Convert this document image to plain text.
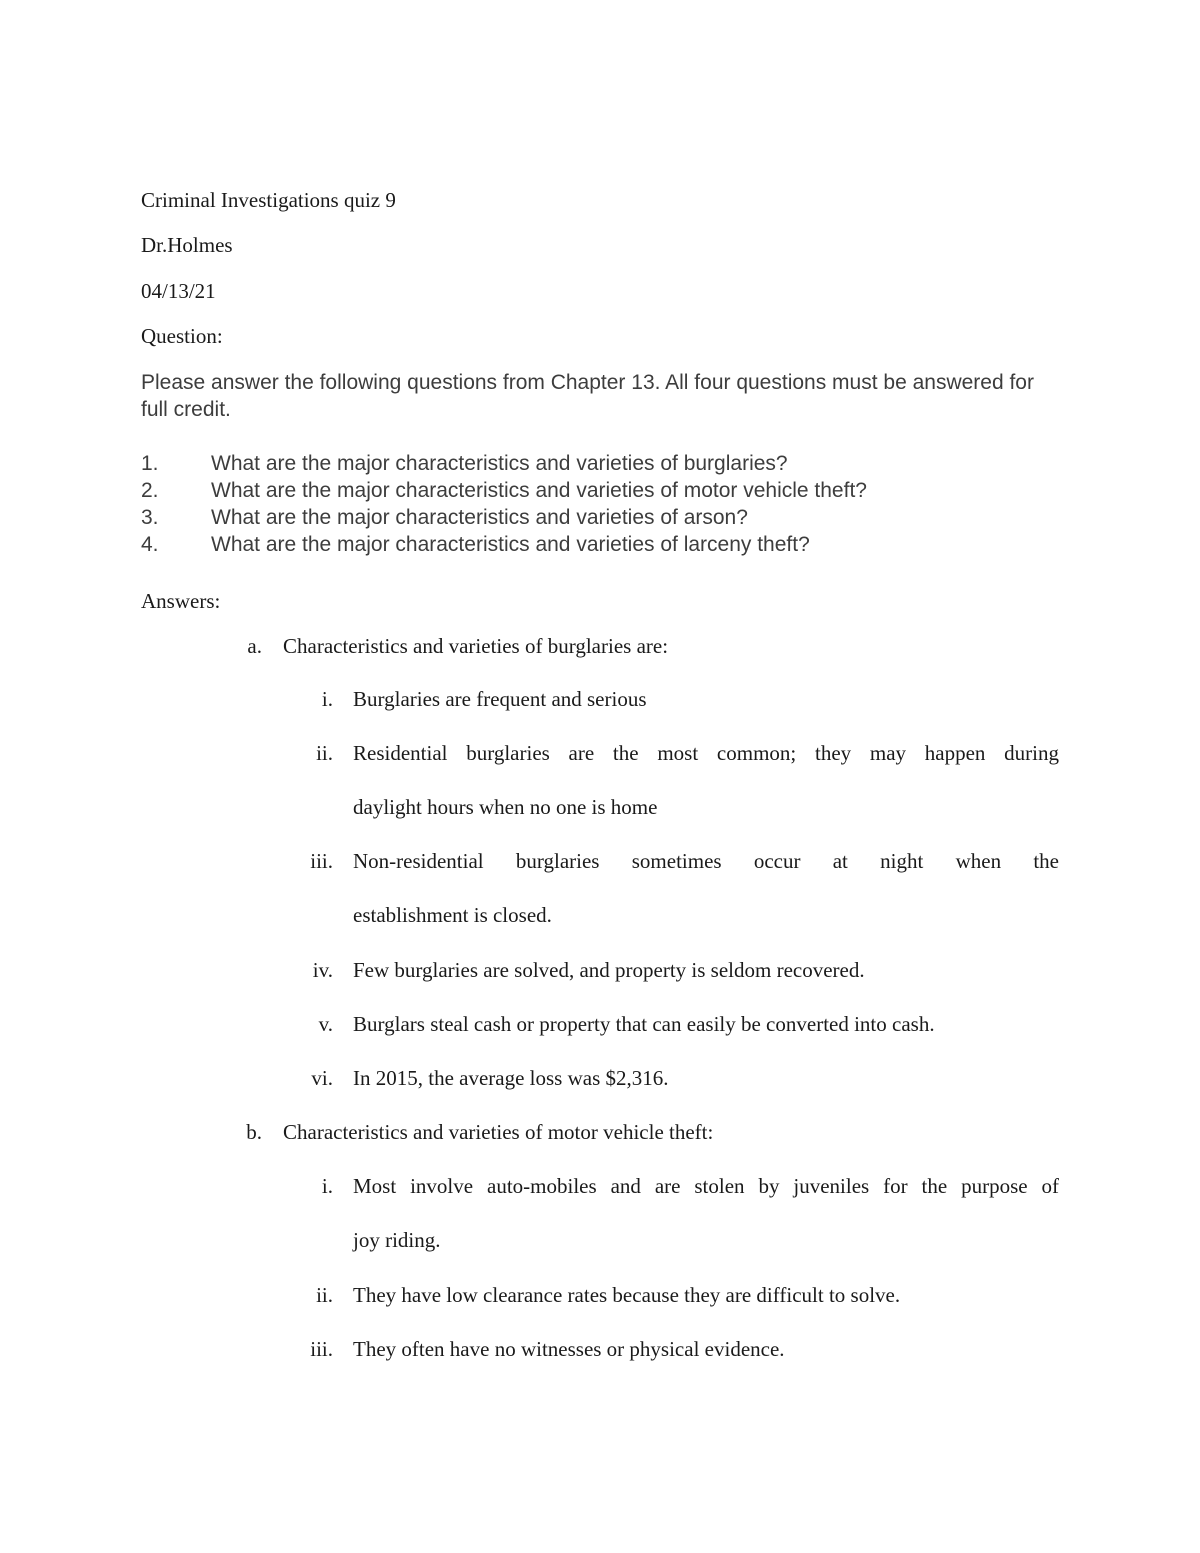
Criminal Investigations quiz 9
Dr.Holmes
04/13/21
Question:
Please answer the following questions from Chapter 13. All four questions must be answered for full credit.
1. What are the major characteristics and varieties of burglaries?
2. What are the major characteristics and varieties of motor vehicle theft?
3. What are the major characteristics and varieties of arson?
4. What are the major characteristics and varieties of larceny theft?
Answers:
a. Characteristics and varieties of burglaries are:
i. Burglaries are frequent and serious
ii. Residential burglaries are the most common; they may happen during
daylight hours when no one is home
iii. Non-residential burglaries sometimes occur at night when the
establishment is closed.
iv. Few burglaries are solved, and property is seldom recovered.
v. Burglars steal cash or property that can easily be converted into cash.
vi. In 2015, the average loss was $2,316.
b. Characteristics and varieties of motor vehicle theft:
i. Most involve auto-mobiles and are stolen by juveniles for the purpose of
joy riding.
ii. They have low clearance rates because they are difficult to solve.
iii. They often have no witnesses or physical evidence.
